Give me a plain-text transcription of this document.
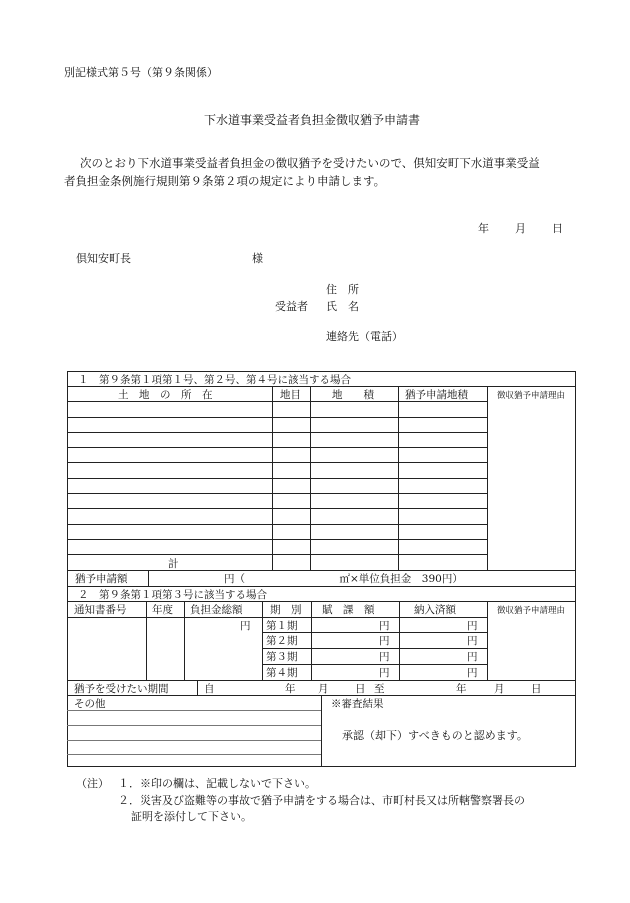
別記様式第５号（第９条関係）
下水道事業受益者負担金徴収猶予申請書
次のとおり下水道事業受益者負担金の徴収猶予を受けたいので、倶知安町下水道事業受益
者負担金条例施行規則第９条第２項の規定により申請します。
年 月 日
倶知安町長	様
住　所
受益者 氏　名
連絡先（電話）
１　第９条第１項第１号、第２号、第４号に該当する場合
土　地　の　所　在	地目	地　　積	猶予申請地積	徴収猶予申請理由
計
猶予申請額	円（　　　　　　　　　㎡×単位負担金　390円）
２　第９条第１項第３号に該当する場合
通知書番号 年度 負担金総額	期　別 賦　課　額	納入済額	徴収猶予申請理由
円 第１期	円	円
第２期	円	円
第３期	円	円
第４期	円	円
猶予を受けたい期間	自	年 月	日 至	年	月	日
その他	※審査結果
承認（却下）すべきものと認めます。
（注） １．※印の欄は、記載しないで下さい。
２．災害及び盗難等の事故で猶予申請をする場合は、市町村長又は所轄警察署長の
証明を添付して下さい。
